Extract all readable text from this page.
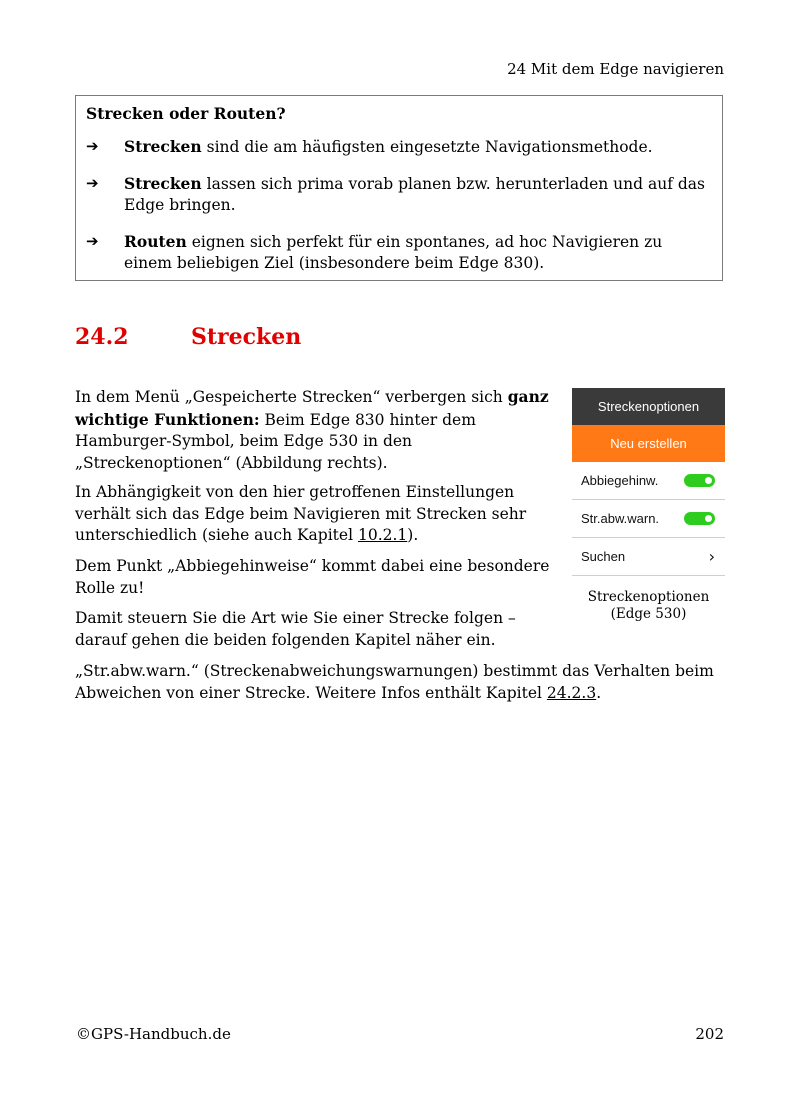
24 Mit dem Edge navigieren
Strecken oder Routen?
➔	Strecken sind die am häufigsten eingesetzte Navigationsmethode.
➔	Strecken lassen sich prima vorab planen bzw. herunterladen und auf das Edge bringen.
➔	Routen eignen sich perfekt für ein spontanes, ad hoc Navigieren zu einem beliebigen Ziel (insbesondere beim Edge 830).
24.2	Strecken

In dem Menü „Gespeicherte Strecken“ verbergen sich ganz wichtige Funktionen: Beim Edge 830 hinter dem Hamburger-Symbol, beim Edge 530 in den „Streckenoptionen“ (Abbildung rechts).

In Abhängigkeit von den hier getroffenen Einstellungen verhält sich das Edge beim Navigieren mit Strecken sehr unterschiedlich (siehe auch Kapitel 10.2.1).

Dem Punkt „Abbiegehinweise“ kommt dabei eine besondere Rolle zu!

Damit steuern Sie die Art wie Sie einer Strecke folgen – darauf gehen die beiden folgenden Kapitel näher ein.

„Str.abw.warn.“ (Streckenabweichungswarnungen) bestimmt das Verhalten beim Abweichen von einer Strecke. Weitere Infos enthält Kapitel 24.2.3.

Streckenoptionen
Neu erstellen
Abbiegehinw.
Str.abw.warn.
Suchen	›
Streckenoptionen
(Edge 530)
©GPS-Handbuch.de	202
